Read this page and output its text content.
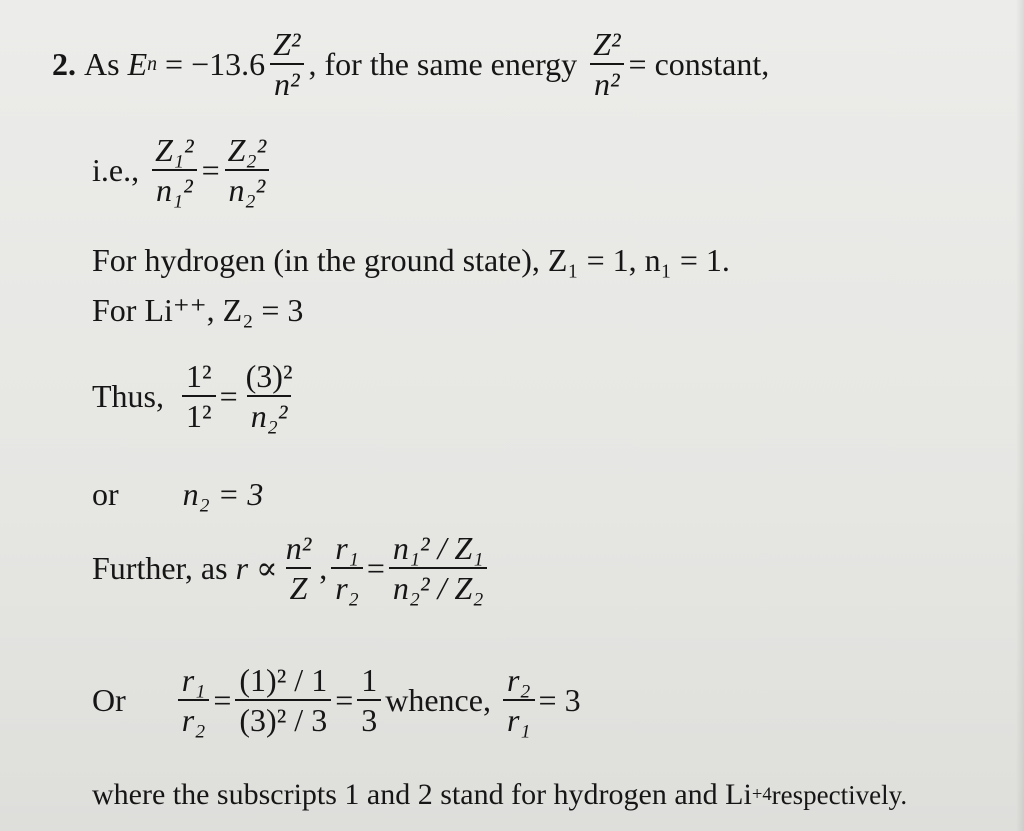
2. As E $n = -13.6 \frac{\text{Z²}}{\text{n²}}$ , for the same energy $\frac{\text{Z²}}{\text{n²}}$ = constant,
i.e., $\frac{\text{Z₁²}}{\text{n₁²}} = \frac{\text{Z₂²}}{\text{n₂²}}$
For hydrogen (in the ground state), Z₁ = 1, n₁ = 1.
For Li⁺⁺, Z₂ = 3
Thus, $\frac{\text{1²}}{\text{1²}} = \frac{\text{(3)²}}{\text{n₂²}}$
or n₂ = 3
Further, as $r \propto \frac{\text{n²}}{Z}$ , $\frac{\text{r₁}}{\text{r₂}} = \frac{\text{n₁² / Z₁}}{\text{n₂² / Z₂}}$
Or $\frac{\text{r₁}}{\text{r₂}} = \frac{\text{(1)² / 1}}{\text{(3)² / 3}} = \frac{1}{3}$ whence, $\frac{\text{r₂}}{\text{r₁}} = 3$
where the subscripts 1 and 2 stand for hydrogen and Li +4 respectively.
